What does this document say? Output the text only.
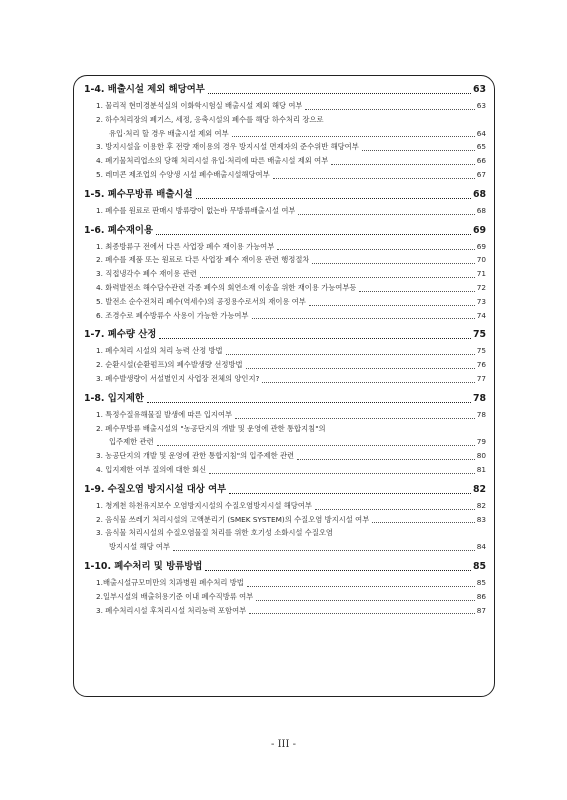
1-4. 배출시설 제외 해당여부	63
1. 물리적 현미경분석실의 이화학시험실 배출시설 제외 해당 여부	63
2. 하수처리장의 폐기스, 세정, 응축시설의 폐수를 해당 하수처리 장으로
유입·처리 할 경우 배출시설 제외 여부	64
3. 방지시설을 이용한 후 전량 재이용의 경우 방지시설 면제자의 준수위반 해당여부	65
4. 폐기물처리업소의 당해 처리시설 유입·처리에 따른 배출시설 제외 여부	66
5. 레미콘 제조업의 수양생 시설 폐수배출시설해당여부	67
1-5. 폐수무방류 배출시설	68
1. 폐수를 원료로 판매시 방류량이 없는바 무방류배출시설 여부	68
1-6. 폐수재이용	69
1. 최종방류구 전에서 다른 사업장 폐수 재이용 가능여부	69
2. 폐수를 제품 또는 원료로 다른 사업장 폐수 재이용 관련 행정절차	70
3. 직접냉각수 폐수 재이용 관련	71
4. 화력발전소 해수담수관련 각종 폐수의 회연소재 이송을 위한 재이용 가능여부등	72
5. 발전소 순수전처리 폐수(역세수)의 공정용수로서의 재이용 여부	73
6. 조경수로 폐수방류수 사용이 가능한 가능여부	74
1-7. 폐수량 산정	75
1. 폐수처리 시설의 처리 능력 산정 방법	75
2. 순환시설(순환펌프)의 폐수발생량 선정방법	76
3. 폐수발생량이 서설별인지 사업장 전체의 양인지?	77
1-8. 입지제한	78
1. 특정수질유해물질 발생에 따른 입지여부	78
2. 폐수무방류 배출시설의 "농공단지의 개발 및 운영에 관한 통합지침"의
입주제한 관련	79
3. 농공단지의 개발 및 운영에 관한 통합지침"의 입주제한 관련	80
4. 입지제한 여부 질의에 대한 회신	81
1-9. 수질오염 방지시설 대상 여부	82
1. 청계천 하천유지보수 오염방지시설의 수질오염방지시설 해당여부	82
2. 음식물 쓰레기 처리시설의 고액분리기 (SMEK SYSTEM)의 수질오염 방지시설 여부	83
3. 음식물 처리시설의 수질오염물질 처리를 위한 호기성 소화시설 수질오염
방지시설 해당 여부	84
1-10. 폐수처리 및 방류방법	85
1.배출시설규모미만의 치과병원 폐수처리 방법	85
2.일부시설의 배출허용기준 이내 폐수직방류 여부	86
3. 폐수처리시설 후처리시설 처리능력 포함여부	87
- III -
